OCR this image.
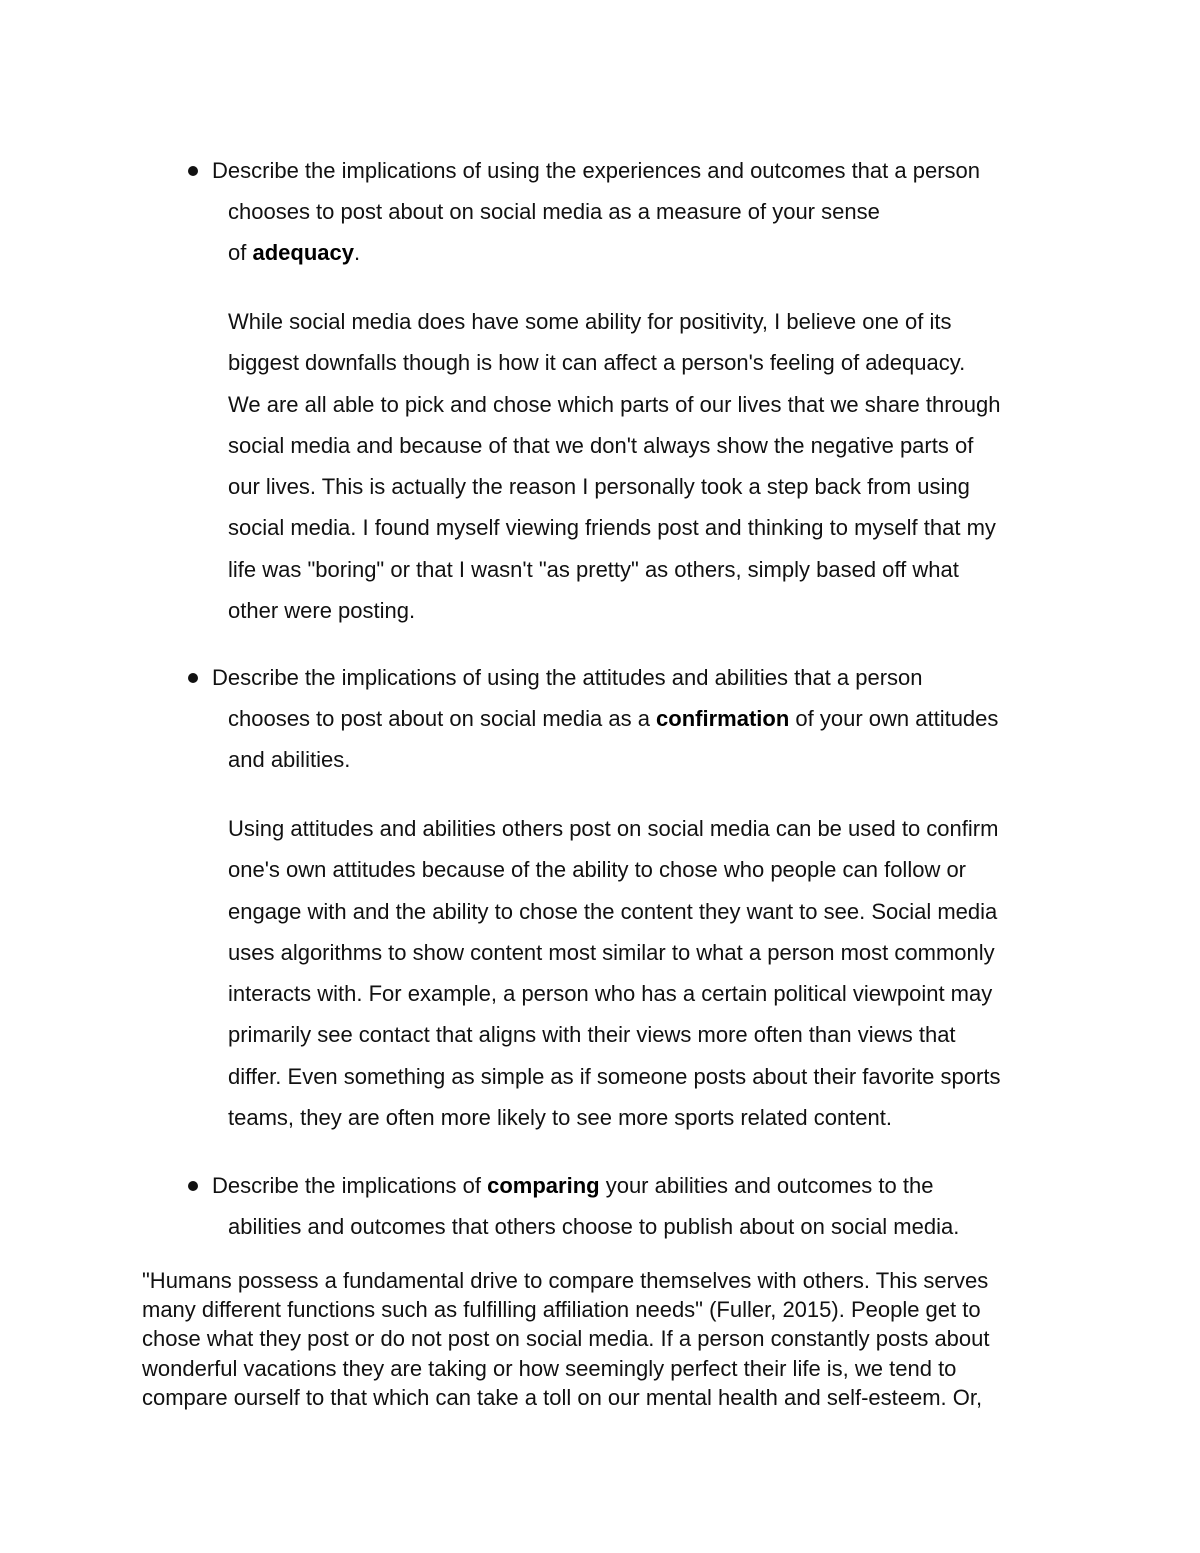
Describe the implications of using the experiences and outcomes that a person
chooses to post about on social media as a measure of your sense
of adequacy.
While social media does have some ability for positivity, I believe one of its
biggest downfalls though is how it can affect a person's feeling of adequacy.
We are all able to pick and chose which parts of our lives that we share through
social media and because of that we don't always show the negative parts of
our lives. This is actually the reason I personally took a step back from using
social media. I found myself viewing friends post and thinking to myself that my
life was "boring" or that I wasn't "as pretty" as others, simply based off what
other were posting.
Describe the implications of using the attitudes and abilities that a person
chooses to post about on social media as a confirmation of your own attitudes
and abilities.
Using attitudes and abilities others post on social media can be used to confirm
one's own attitudes because of the ability to chose who people can follow or
engage with and the ability to chose the content they want to see. Social media
uses algorithms to show content most similar to what a person most commonly
interacts with. For example, a person who has a certain political viewpoint may
primarily see contact that aligns with their views more often than views that
differ. Even something as simple as if someone posts about their favorite sports
teams, they are often more likely to see more sports related content.
Describe the implications of comparing your abilities and outcomes to the
abilities and outcomes that others choose to publish about on social media.
"Humans possess a fundamental drive to compare themselves with others. This serves
many different functions such as fulfilling affiliation needs" (Fuller, 2015). People get to
chose what they post or do not post on social media. If a person constantly posts about
wonderful vacations they are taking or how seemingly perfect their life is, we tend to
compare ourself to that which can take a toll on our mental health and self-esteem. Or,
